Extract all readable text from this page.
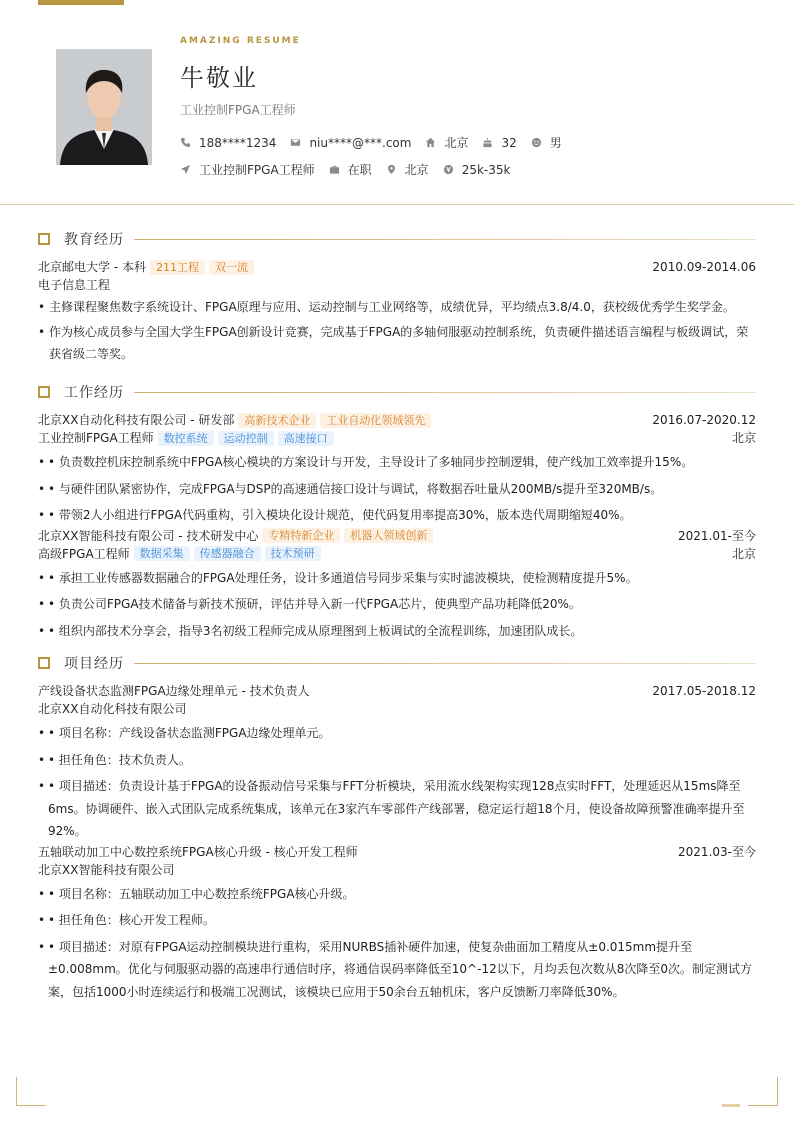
AMAZING RESUME
牛敬业
工业控制FPGA工程师
188****1234	niu****@***.com	北京	32	男
工业控制FPGA工程师	在职	北京	25k-35k
教育经历
北京邮电大学 - 本科 211工程	双一流	2010.09-2014.06
电子信息工程
• 主修课程聚焦数字系统设计、FPGA原理与应用、运动控制与工业网络等，成绩优异，平均绩点3.8/4.0，获校级优秀学生奖学金。
• 作为核心成员参与全国大学生FPGA创新设计竞赛，完成基于FPGA的多轴伺服驱动控制系统，负责硬件描述语言编程与板级调试，荣获省级二等奖。
工作经历
北京XX自动化科技有限公司 - 研发部 高新技术企业	工业自动化领域领先	2016.07-2020.12
工业控制FPGA工程师 数控系统	运动控制	高速接口	北京
• • 负责数控机床控制系统中FPGA核心模块的方案设计与开发，主导设计了多轴同步控制逻辑，使产线加工效率提升15%。
• • 与硬件团队紧密协作，完成FPGA与DSP的高速通信接口设计与调试，将数据吞吐量从200MB/s提升至320MB/s。
• • 带领2人小组进行FPGA代码重构，引入模块化设计规范，使代码复用率提高30%，版本迭代周期缩短40%。
北京XX智能科技有限公司 - 技术研发中心 专精特新企业	机器人领域创新	2021.01-至今
高级FPGA工程师 数据采集	传感器融合	技术预研	北京
• • 承担工业传感器数据融合的FPGA处理任务，设计多通道信号同步采集与实时滤波模块，使检测精度提升5%。
• • 负责公司FPGA技术储备与新技术预研，评估并导入新一代FPGA芯片，使典型产品功耗降低20%。
• • 组织内部技术分享会，指导3名初级工程师完成从原理图到上板调试的全流程训练，加速团队成长。
项目经历
产线设备状态监测FPGA边缘处理单元 - 技术负责人	2017.05-2018.12
北京XX自动化科技有限公司
• • 项目名称：产线设备状态监测FPGA边缘处理单元。
• • 担任角色：技术负责人。
• • 项目描述：负责设计基于FPGA的设备振动信号采集与FFT分析模块，采用流水线架构实现128点实时FFT，处理延迟从15ms降至6ms。协调硬件、嵌入式团队完成系统集成，该单元在3家汽车零部件产线部署，稳定运行超18个月，使设备故障预警准确率提升至92%。
五轴联动加工中心数控系统FPGA核心升级 - 核心开发工程师	2021.03-至今
北京XX智能科技有限公司
• • 项目名称：五轴联动加工中心数控系统FPGA核心升级。
• • 担任角色：核心开发工程师。
• • 项目描述：对原有FPGA运动控制模块进行重构，采用NURBS插补硬件加速，使复杂曲面加工精度从±0.015mm提升至±0.008mm。优化与伺服驱动器的高速串行通信时序，将通信误码率降低至10^-12以下，月均丢包次数从8次降至0次。制定测试方案，包括1000小时连续运行和极端工况测试，该模块已应用于50余台五轴机床，客户反馈断刀率降低30%。
